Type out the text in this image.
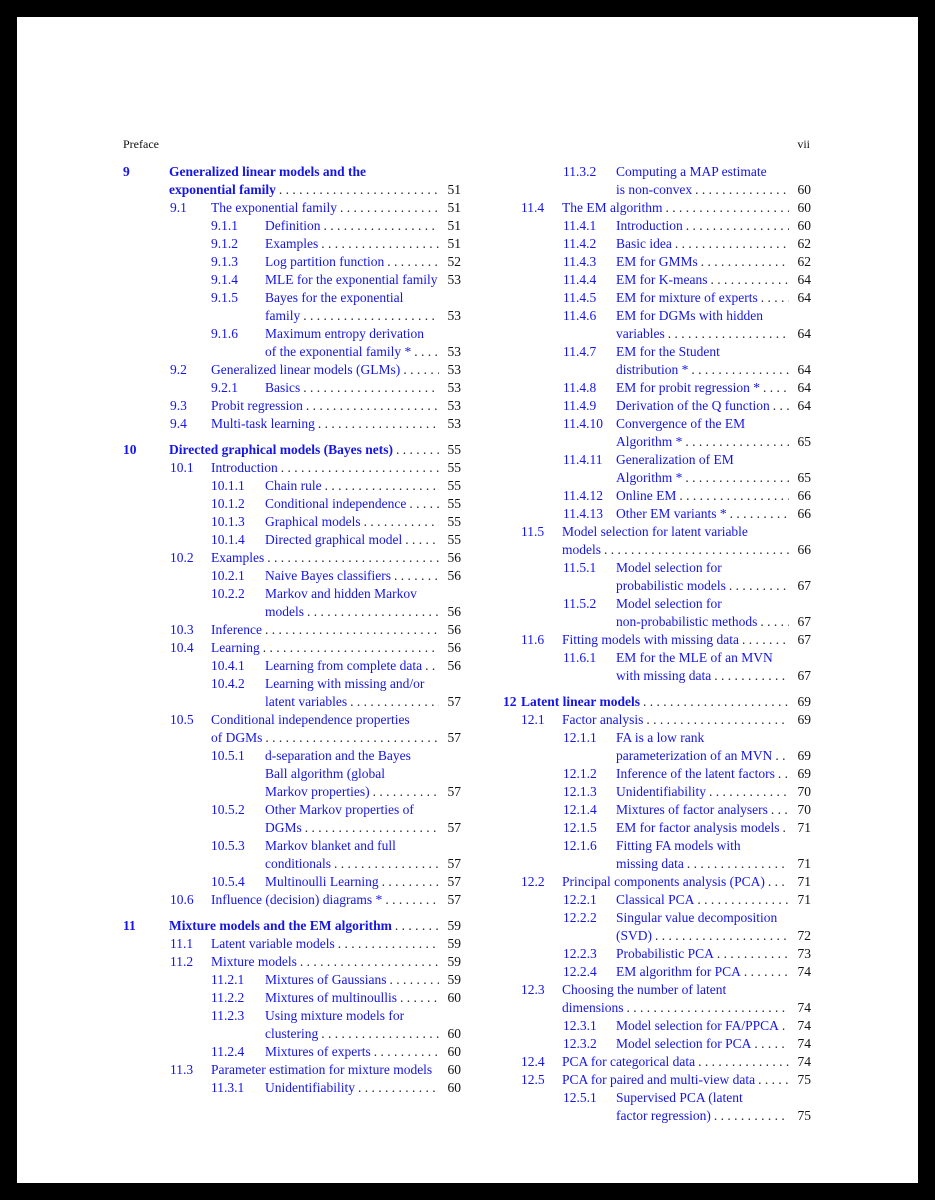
Preface	vii
9	Generalized linear models and the
exponential family . . .	51
9.1 The exponential family . . .	51
9.1.1 Definition . . .	51
9.1.2 Examples . . .	51
9.1.3 Log partition function . . .	52
9.1.4 MLE for the exponential family 53
9.1.5 Bayes for the exponential
family . . .	53
9.1.6 Maximum entropy derivation
of the exponential family * . . .	53
9.2 Generalized linear models (GLMs) . . .	53
9.2.1 Basics . . .	53
9.3 Probit regression . . .	53
9.4 Multi-task learning . . .	53
10 Directed graphical models (Bayes nets) . . .	55
10.1 Introduction . . .	55
10.1.1 Chain rule . . .	55
10.1.2 Conditional independence . . .	55
10.1.3 Graphical models . . .	55
10.1.4 Directed graphical model . . .	55
10.2 Examples . . .	56
10.2.1 Naive Bayes classifiers . . .	56
10.2.2 Markov and hidden Markov
models . . .	56
10.3 Inference . . .	56
10.4 Learning . . .	56
10.4.1 Learning from complete data . . .	56
10.4.2 Learning with missing and/or
latent variables . . .	57
10.5 Conditional independence properties
of DGMs . . .	57
10.5.1 d-separation and the Bayes
Ball algorithm (global
Markov properties) . . .	57
10.5.2 Other Markov properties of
DGMs . . .	57
10.5.3 Markov blanket and full
conditionals . . .	57
10.5.4 Multinoulli Learning . . .	57
10.6 Influence (decision) diagrams * . . .	57
11 Mixture models and the EM algorithm . . .	59
11.1 Latent variable models . . .	59
11.2 Mixture models . . .	59
11.2.1 Mixtures of Gaussians . . .	59
11.2.2 Mixtures of multinoullis . . .	60
11.2.3 Using mixture models for
clustering . . .	60
11.2.4 Mixtures of experts . . .	60
11.3 Parameter estimation for mixture models	60
11.3.1 Unidentifiability . . .	60
11.3.2 Computing a MAP estimate
is non-convex . . .	60
11.4 The EM algorithm . . .	60
11.4.1 Introduction . . .	60
11.4.2 Basic idea . . .	62
11.4.3 EM for GMMs . . .	62
11.4.4 EM for K-means . . .	64
11.4.5 EM for mixture of experts . . .	64
11.4.6 EM for DGMs with hidden
variables . . .	64
11.4.7 EM for the Student
distribution * . . .	64
11.4.8 EM for probit regression * . . .	64
11.4.9 Derivation of the Q function . . .	64
11.4.10 Convergence of the EM
Algorithm * . . .	65
11.4.11 Generalization of EM
Algorithm * . . .	65
11.4.12 Online EM . . .	66
11.4.13 Other EM variants * . . .	66
11.5 Model selection for latent variable
models . . .	66
11.5.1 Model selection for
probabilistic models . . .	67
11.5.2 Model selection for
non-probabilistic methods . . .	67
11.6 Fitting models with missing data . . .	67
11.6.1 EM for the MLE of an MVN
with missing data . . .	67
12 Latent linear models . . .	69
12.1 Factor analysis . . .	69
12.1.1 FA is a low rank
parameterization of an MVN . . .	69
12.1.2 Inference of the latent factors . . .	69
12.1.3 Unidentifiability . . .	70
12.1.4 Mixtures of factor analysers . . .	70
12.1.5 EM for factor analysis models . . .	71
12.1.6 Fitting FA models with
missing data . . .	71
12.2 Principal components analysis (PCA) . . .	71
12.2.1 Classical PCA . . .	71
12.2.2 Singular value decomposition
(SVD) . . .	72
12.2.3 Probabilistic PCA . . .	73
12.2.4 EM algorithm for PCA . . .	74
12.3 Choosing the number of latent
dimensions . . .	74
12.3.1 Model selection for FA/PPCA . . .	74
12.3.2 Model selection for PCA . . .	74
12.4 PCA for categorical data . . .	74
12.5 PCA for paired and multi-view data . . .	75
12.5.1 Supervised PCA (latent
factor regression) . . .	75
